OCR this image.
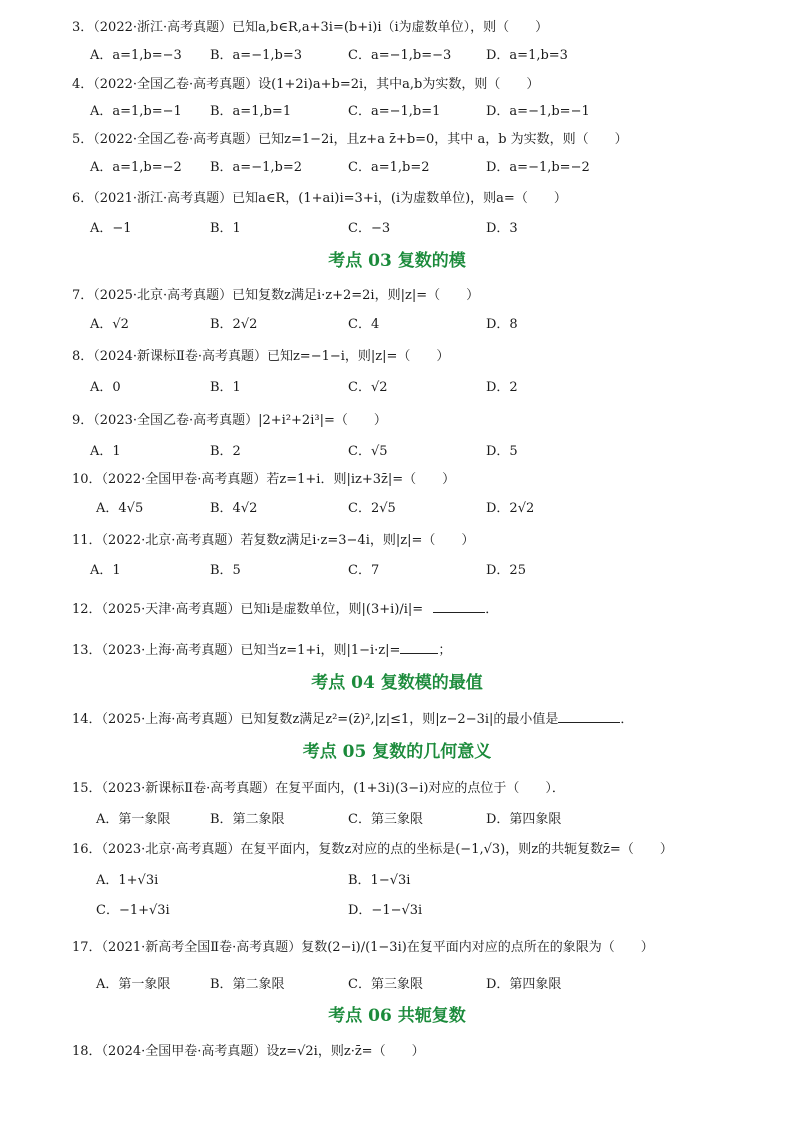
3．（2022·浙江·高考真题）已知a,b∈R,a+3i=(b+i)i（i为虚数单位），则（　　）
A．a=1,b=−3 B．a=−1,b=3	C．a=−1,b=−3	D．a=1,b=3
4．（2022·全国乙卷·高考真题）设(1+2i)a+b=2i，其中a,b为实数，则（　　）
A．a=1,b=−1 B．a=1,b=1	C．a=−1,b=1	D．a=−1,b=−1
5．（2022·全国乙卷·高考真题）已知z=1−2i，且z+a z̄+b=0，其中 a，b 为实数，则（　　）
A．a=1,b=−2 B．a=−1,b=2	C．a=1,b=2	D．a=−1,b=−2
6．（2021·浙江·高考真题）已知a∈R，(1+ai)i=3+i，(i为虚数单位)，则a=（　　）
A．−1	B．1	C．−3	D．3
考点 03 复数的模
7．（2025·北京·高考真题）已知复数z满足i·z+2=2i，则|z|=（　　）
A．√2	B．2√2	C．4	D．8
8．（2024·新课标Ⅱ卷·高考真题）已知z=−1−i，则|z|=（　　）
A．0	B．1	C．√2	D．2
9．（2023·全国乙卷·高考真题）|2+i²+2i³|=（　　）
A．1	B．2	C．√5	D．5
10．（2022·全国甲卷·高考真题）若z=1+i．则|iz+3z̄|=（　　）
A．4√5	B．4√2	C．2√5	D．2√2
11．（2022·北京·高考真题）若复数z满足i·z=3−4i，则|z|=（　　）
A．1	B．5	C．7	D．25
12．（2025·天津·高考真题）已知i是虚数单位，则|(3+i)/i|=	．
13．（2023·上海·高考真题）已知当z=1+i，则|1−i·z|=	；
考点 04 复数模的最值
14．（2025·上海·高考真题）已知复数z满足z²=(z̄)²,|z|≤1，则|z−2−3i|的最小值是	．
考点 05 复数的几何意义
15．（2023·新课标Ⅱ卷·高考真题）在复平面内，(1+3i)(3−i)对应的点位于（　　）．
A．第一象限	B．第二象限	C．第三象限	D．第四象限
16．（2023·北京·高考真题）在复平面内，复数z对应的点的坐标是(−1,√3)，则z的共轭复数z̄=（　　）
A．1+√3i	B．1−√3i
C．−1+√3i	D．−1−√3i
17．（2021·新高考全国Ⅱ卷·高考真题）复数(2−i)/(1−3i)在复平面内对应的点所在的象限为（　　）
A．第一象限	B．第二象限	C．第三象限	D．第四象限
考点 06 共轭复数
18．（2024·全国甲卷·高考真题）设z=√2i，则z·z̄=（　　）
